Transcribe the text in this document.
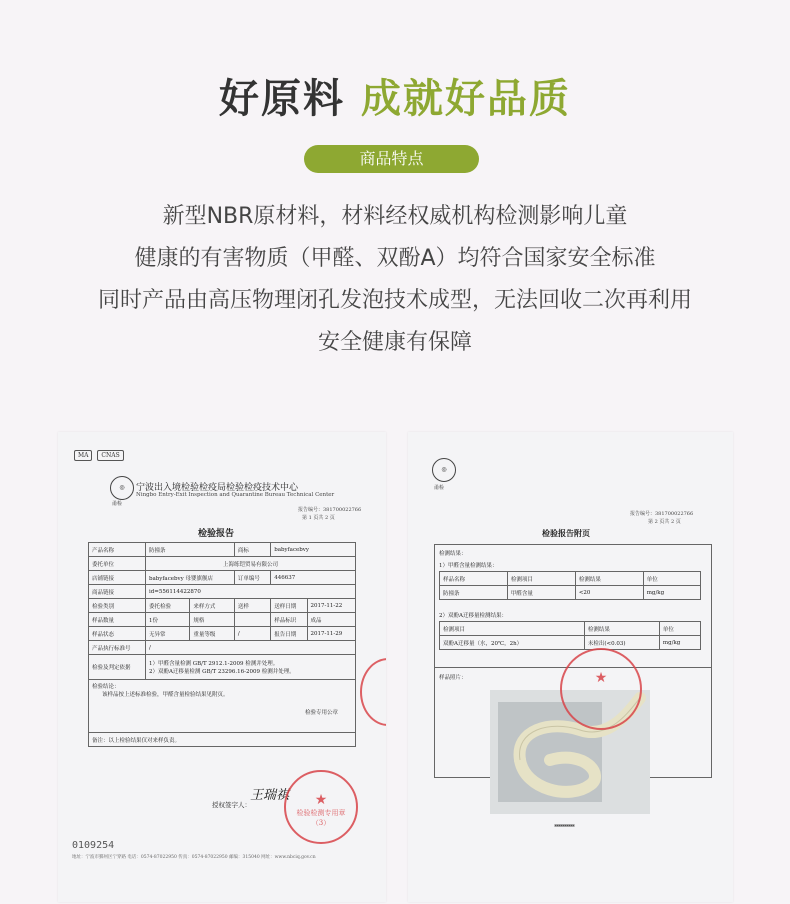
好原料 成就好品质
商品特点
新型NBR原材料，材料经权威机构检测影响儿童
健康的有害物质（甲醛、双酚A）均符合国家安全标准
同时产品由高压物理闭孔发泡技术成型，无法回收二次再利用
安全健康有保障
MA CNAS
◎
甬检
宁波出入境检验检疫局检验检疫技术中心
Ningbo Entry-Exit Inspection and Quarantine Bureau Technical Center
报告编号：381700022766
第 1 页共 2 页
检验报告
产品名称	防撞条		商标	babyfacebvy	
委托单位	上海练铠贸易有限公司				
店铺链接	babyfacebvy 母婴旗舰店		订单编号	446637	
商品链接	id=556114422870				
检验类别	委托检验	来样方式	送样	送样日期	2017-11-22
样品数量	1份	规格		样品标识	成品
样品状态	无异常	重量等级	/	报告日期	2017-11-29
产品执行标准号	/				
检验及判定依据	1）甲醛含量检测 GB/T 2912.1-2009 检测并处理。
2）双酚A迁移量检测 GB/T 23296.16-2009 检测并处理。				

检验结论：
该样品按上述标准检验，甲醛含量检验结果见附页。
检验专用公章					

备注：以上检验结果仅对来样负责。					
授权签字人：
王瑞祺	★
检验检测专用章
（3）
0109254
地址：宁波市鄞州区宁穿路 电话：0574-87022950 传真：0574-87022950 邮编：315040 网址：www.nbciq.gov.cn
◎
甬检
报告编号：381700022766
第 2 页共 2 页
检验报告附页
检测结果：
1）甲醛含量检测结果：
样品名称	检测项目	检测结果	单位
防撞条	甲醛含量	<20	mg/kg
2）双酚A迁移量检测结果：
检测项目	检测结果	单位
双酚A迁移量（水，20℃，2h）	未检出(<0.03)	mg/kg
样品照片：	★
**********
